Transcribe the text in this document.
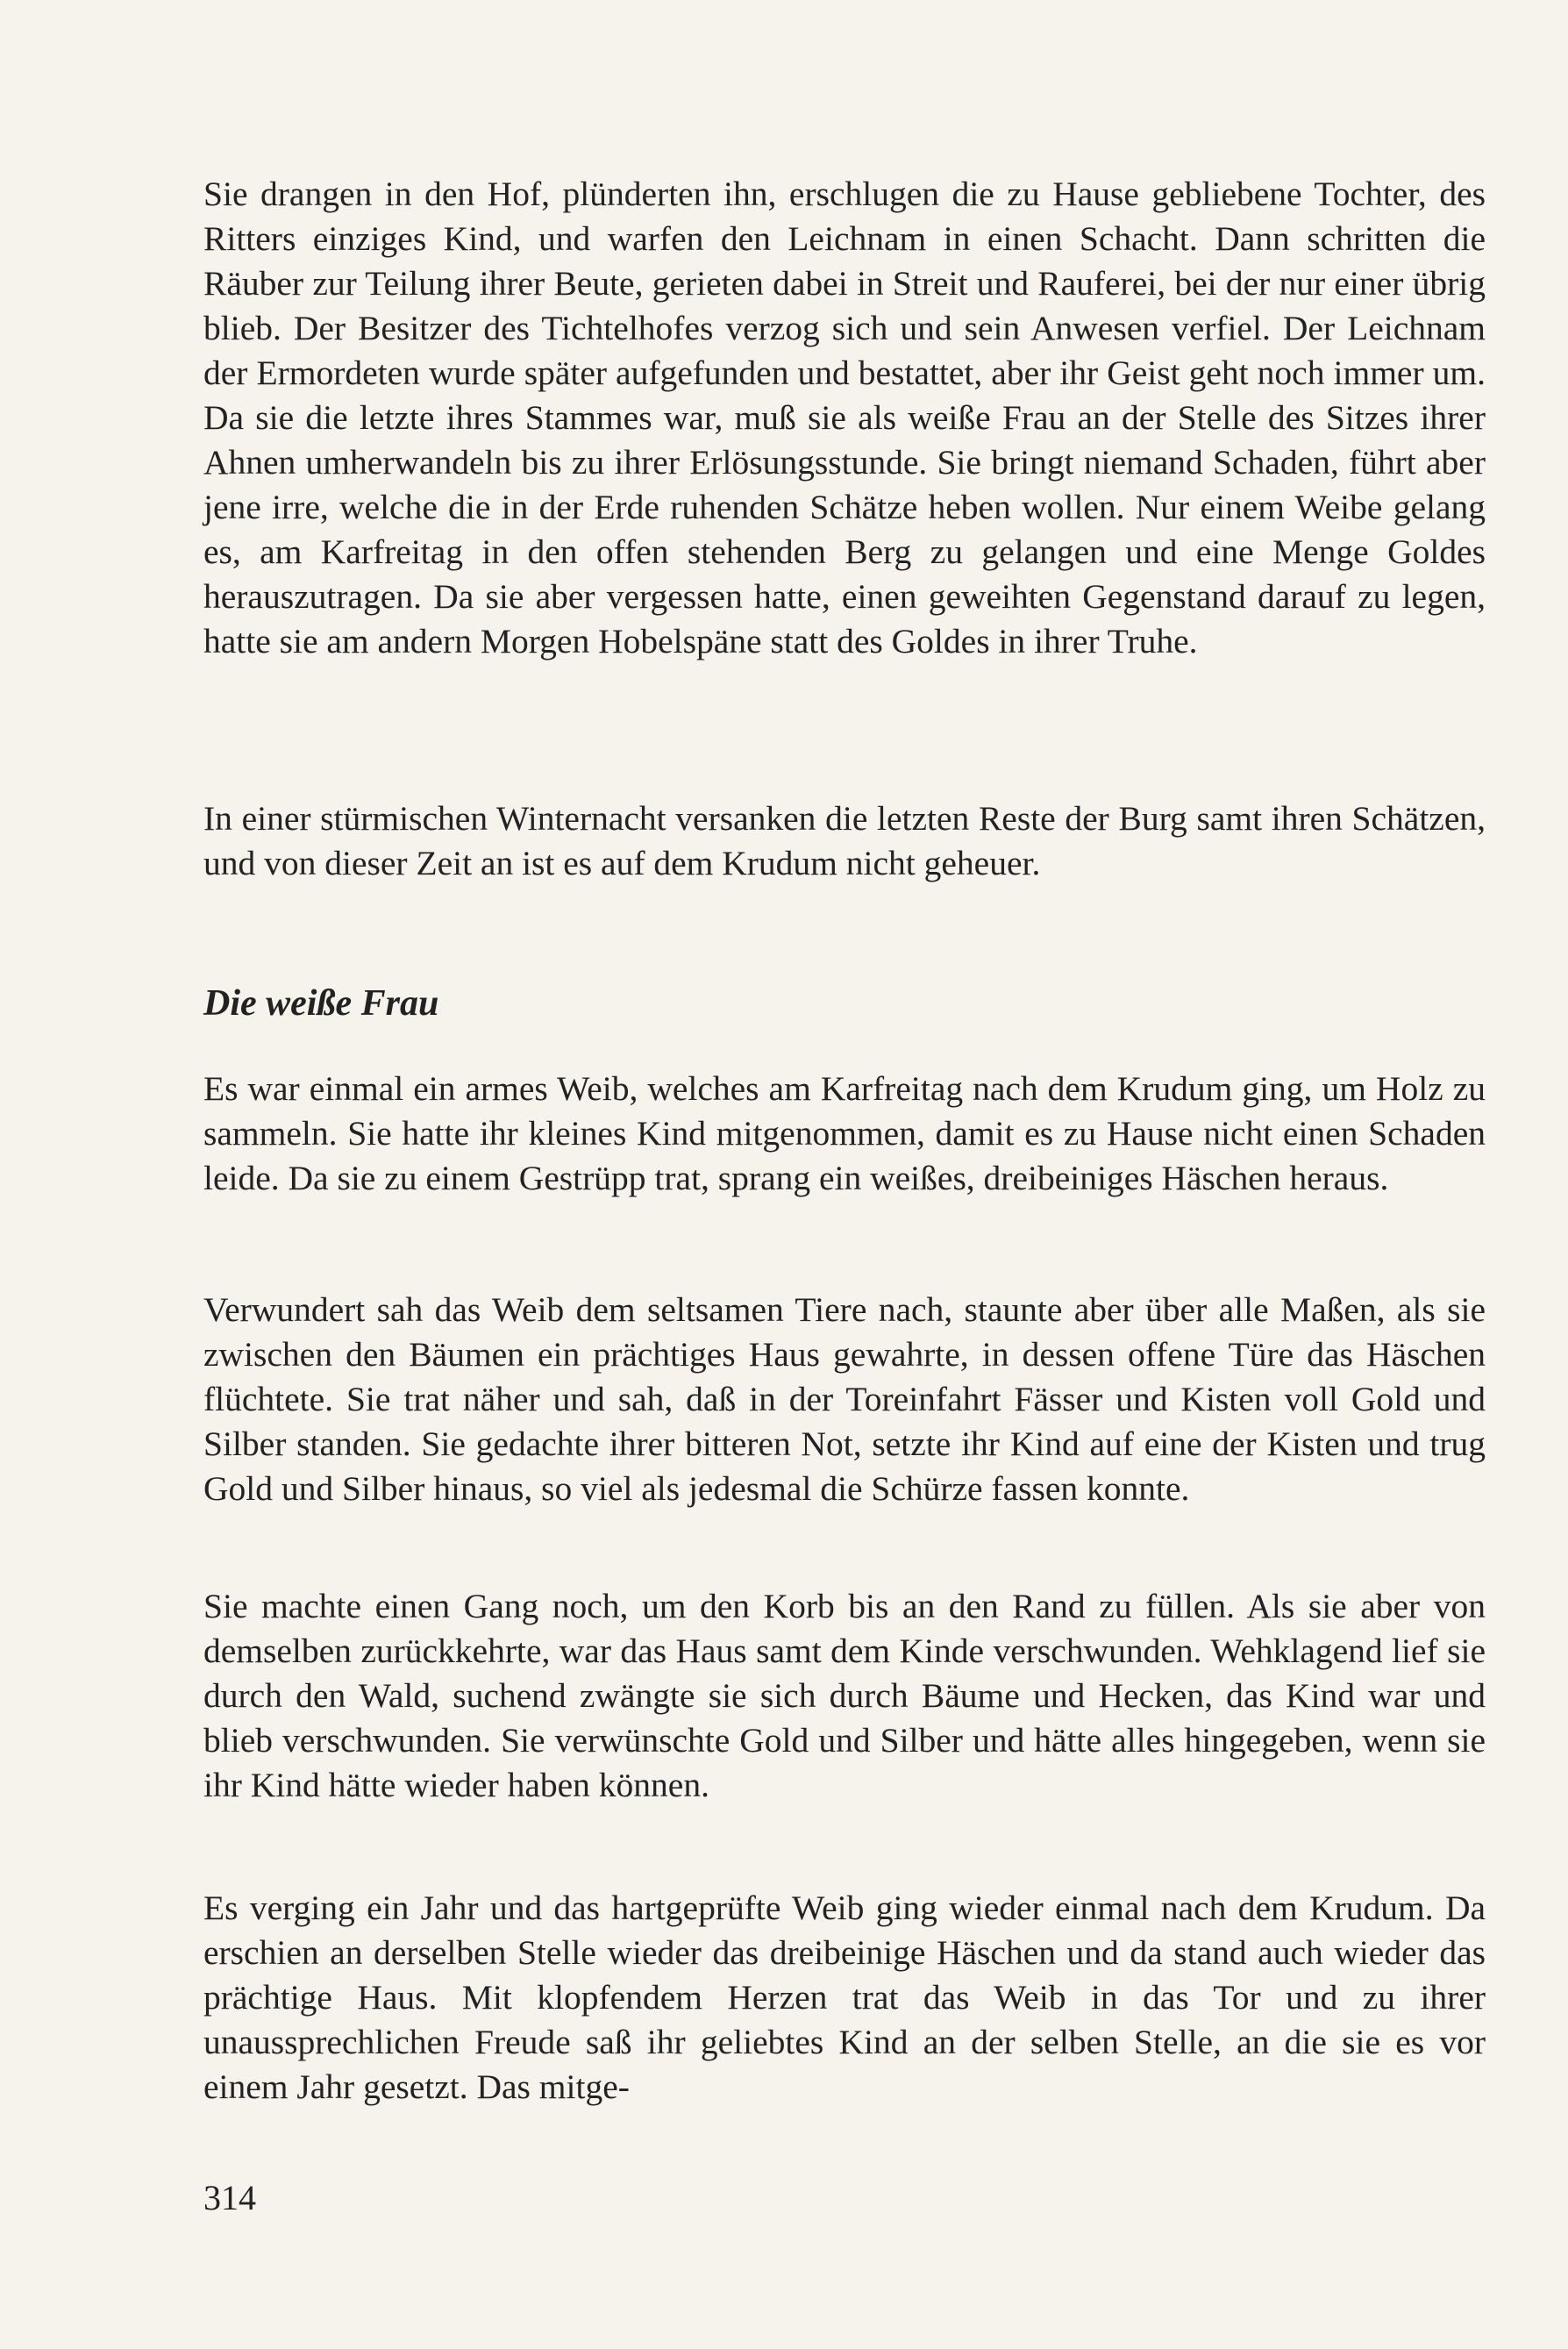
Sie drangen in den Hof, plünderten ihn, erschlugen die zu Hause gebliebene Tochter, des Ritters einziges Kind, und warfen den Leichnam in einen Schacht. Dann schritten die Räuber zur Teilung ihrer Beute, gerieten dabei in Streit und Rauferei, bei der nur einer übrig blieb. Der Besitzer des Tichtelhofes verzog sich und sein Anwesen verfiel. Der Leichnam der Ermordeten wurde später aufgefunden und bestattet, aber ihr Geist geht noch immer um. Da sie die letzte ihres Stammes war, muß sie als weiße Frau an der Stelle des Sitzes ihrer Ahnen umherwandeln bis zu ihrer Erlösungsstunde. Sie bringt niemand Schaden, führt aber jene irre, welche die in der Erde ruhenden Schätze heben wollen. Nur einem Weibe gelang es, am Karfreitag in den offen stehenden Berg zu gelangen und eine Menge Goldes herauszutragen. Da sie aber vergessen hatte, einen geweihten Gegenstand darauf zu legen, hatte sie am andern Morgen Hobelspäne statt des Goldes in ihrer Truhe.

In einer stürmischen Winternacht versanken die letzten Reste der Burg samt ihren Schätzen, und von dieser Zeit an ist es auf dem Krudum nicht geheuer.

Die weiße Frau

Es war einmal ein armes Weib, welches am Karfreitag nach dem Krudum ging, um Holz zu sammeln. Sie hatte ihr kleines Kind mitgenommen, damit es zu Hause nicht einen Schaden leide. Da sie zu einem Gestrüpp trat, sprang ein weißes, dreibeiniges Häschen heraus.

Verwundert sah das Weib dem seltsamen Tiere nach, staunte aber über alle Maßen, als sie zwischen den Bäumen ein prächtiges Haus gewahrte, in dessen offene Türe das Häschen flüchtete. Sie trat näher und sah, daß in der Toreinfahrt Fässer und Kisten voll Gold und Silber standen. Sie gedachte ihrer bitteren Not, setzte ihr Kind auf eine der Kisten und trug Gold und Silber hinaus, so viel als jedesmal die Schürze fassen konnte.

Sie machte einen Gang noch, um den Korb bis an den Rand zu füllen. Als sie aber von demselben zurückkehrte, war das Haus samt dem Kinde verschwunden. Wehklagend lief sie durch den Wald, suchend zwängte sie sich durch Bäume und Hecken, das Kind war und blieb verschwunden. Sie verwünschte Gold und Silber und hätte alles hingegeben, wenn sie ihr Kind hätte wieder haben können.

Es verging ein Jahr und das hartgeprüfte Weib ging wieder einmal nach dem Krudum. Da erschien an derselben Stelle wieder das dreibeinige Häschen und da stand auch wieder das prächtige Haus. Mit klopfendem Herzen trat das Weib in das Tor und zu ihrer unaussprechlichen Freude saß ihr geliebtes Kind an der selben Stelle, an die sie es vor einem Jahr gesetzt. Das mitge-

314
